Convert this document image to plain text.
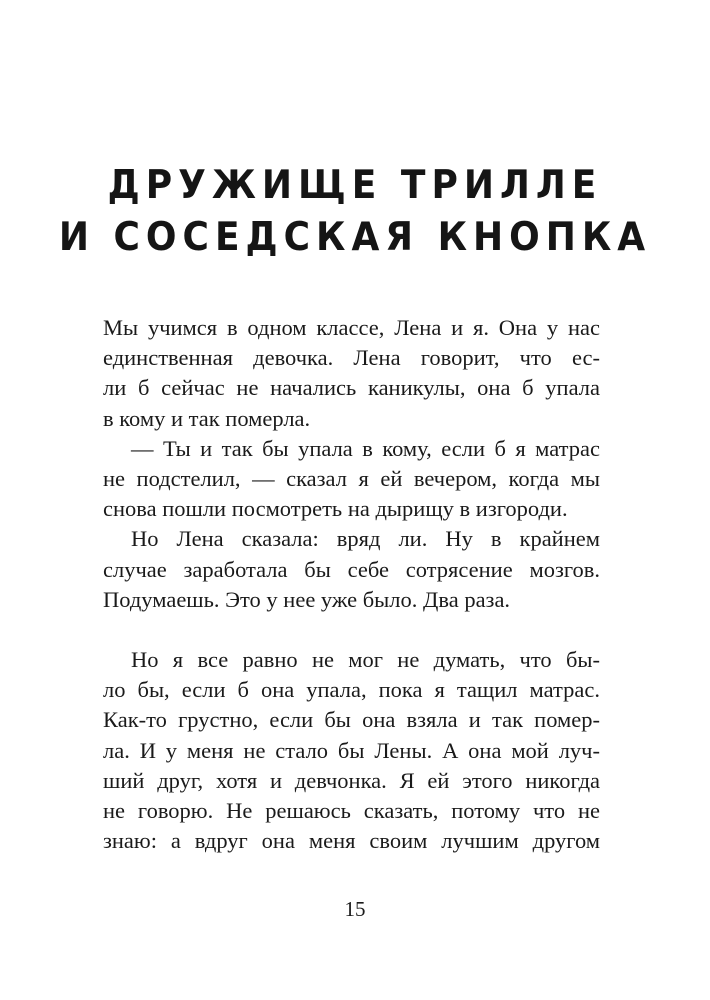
ДРУЖИЩЕ ТРИЛЛЕ
И СОСЕДСКАЯ КНОПКА
Мы учимся в одном классе, Лена и я. Она у нас
единственная девочка. Лена говорит, что ес-
ли б сейчас не начались каникулы, она б упала
в кому и так померла.
— Ты и так бы упала в кому, если б я матрас
не подстелил, — сказал я ей вечером, когда мы
снова пошли посмотреть на дырищу в изгороди.
Но Лена сказала: вряд ли. Ну в крайнем
случае заработала бы себе сотрясение мозгов.
Подумаешь. Это у нее уже было. Два раза.
Но я все равно не мог не думать, что бы-
ло бы, если б она упала, пока я тащил матрас.
Как-то грустно, если бы она взяла и так помер-
ла. И у меня не стало бы Лены. А она мой луч-
ший друг, хотя и девчонка. Я ей этого никогда
не говорю. Не решаюсь сказать, потому что не
знаю: а вдруг она меня своим лучшим другом
15
